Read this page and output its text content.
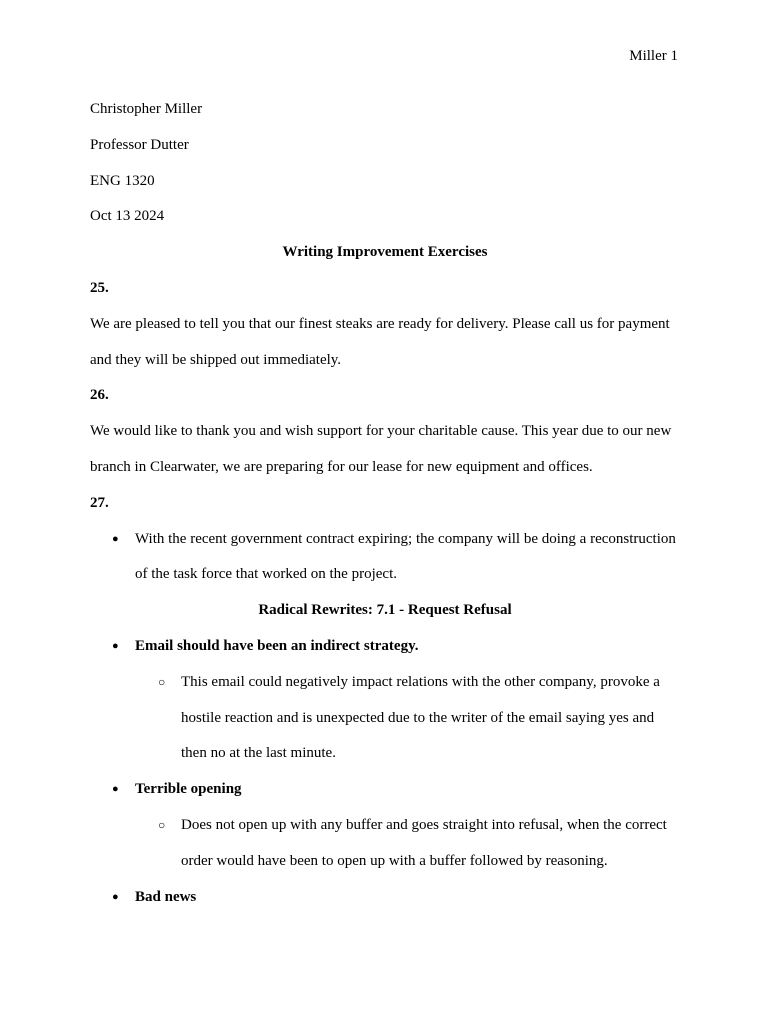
Miller 1

Christopher Miller

Professor Dutter

ENG 1320

Oct 13 2024

Writing Improvement Exercises

25.

We are pleased to tell you that our finest steaks are ready for delivery. Please call us for payment and they will be shipped out immediately.

26.

We would like to thank you and wish support for your charitable cause. This year due to our new branch in Clearwater, we are preparing for our lease for new equipment and offices.

27.

● With the recent government contract expiring; the company will be doing a reconstruction of the task force that worked on the project.

Radical Rewrites: 7.1 - Request Refusal

● Email should have been an indirect strategy.
○ This email could negatively impact relations with the other company, provoke a hostile reaction and is unexpected due to the writer of the email saying yes and then no at the last minute.
● Terrible opening
○ Does not open up with any buffer and goes straight into refusal, when the correct order would have been to open up with a buffer followed by reasoning.
● Bad news
